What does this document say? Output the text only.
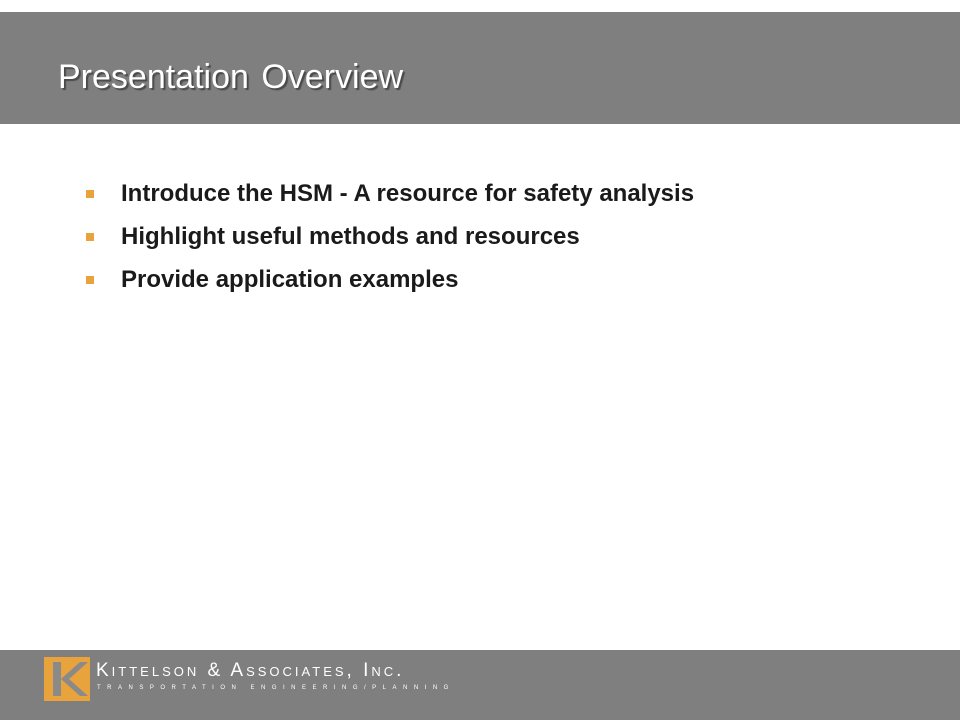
Presentation Overview
Introduce the HSM - A resource for safety analysis
Highlight useful methods and resources
Provide application examples

Kittelson & Associates, Inc.

TRANSPORTATION ENGINEERING/PLANNING
